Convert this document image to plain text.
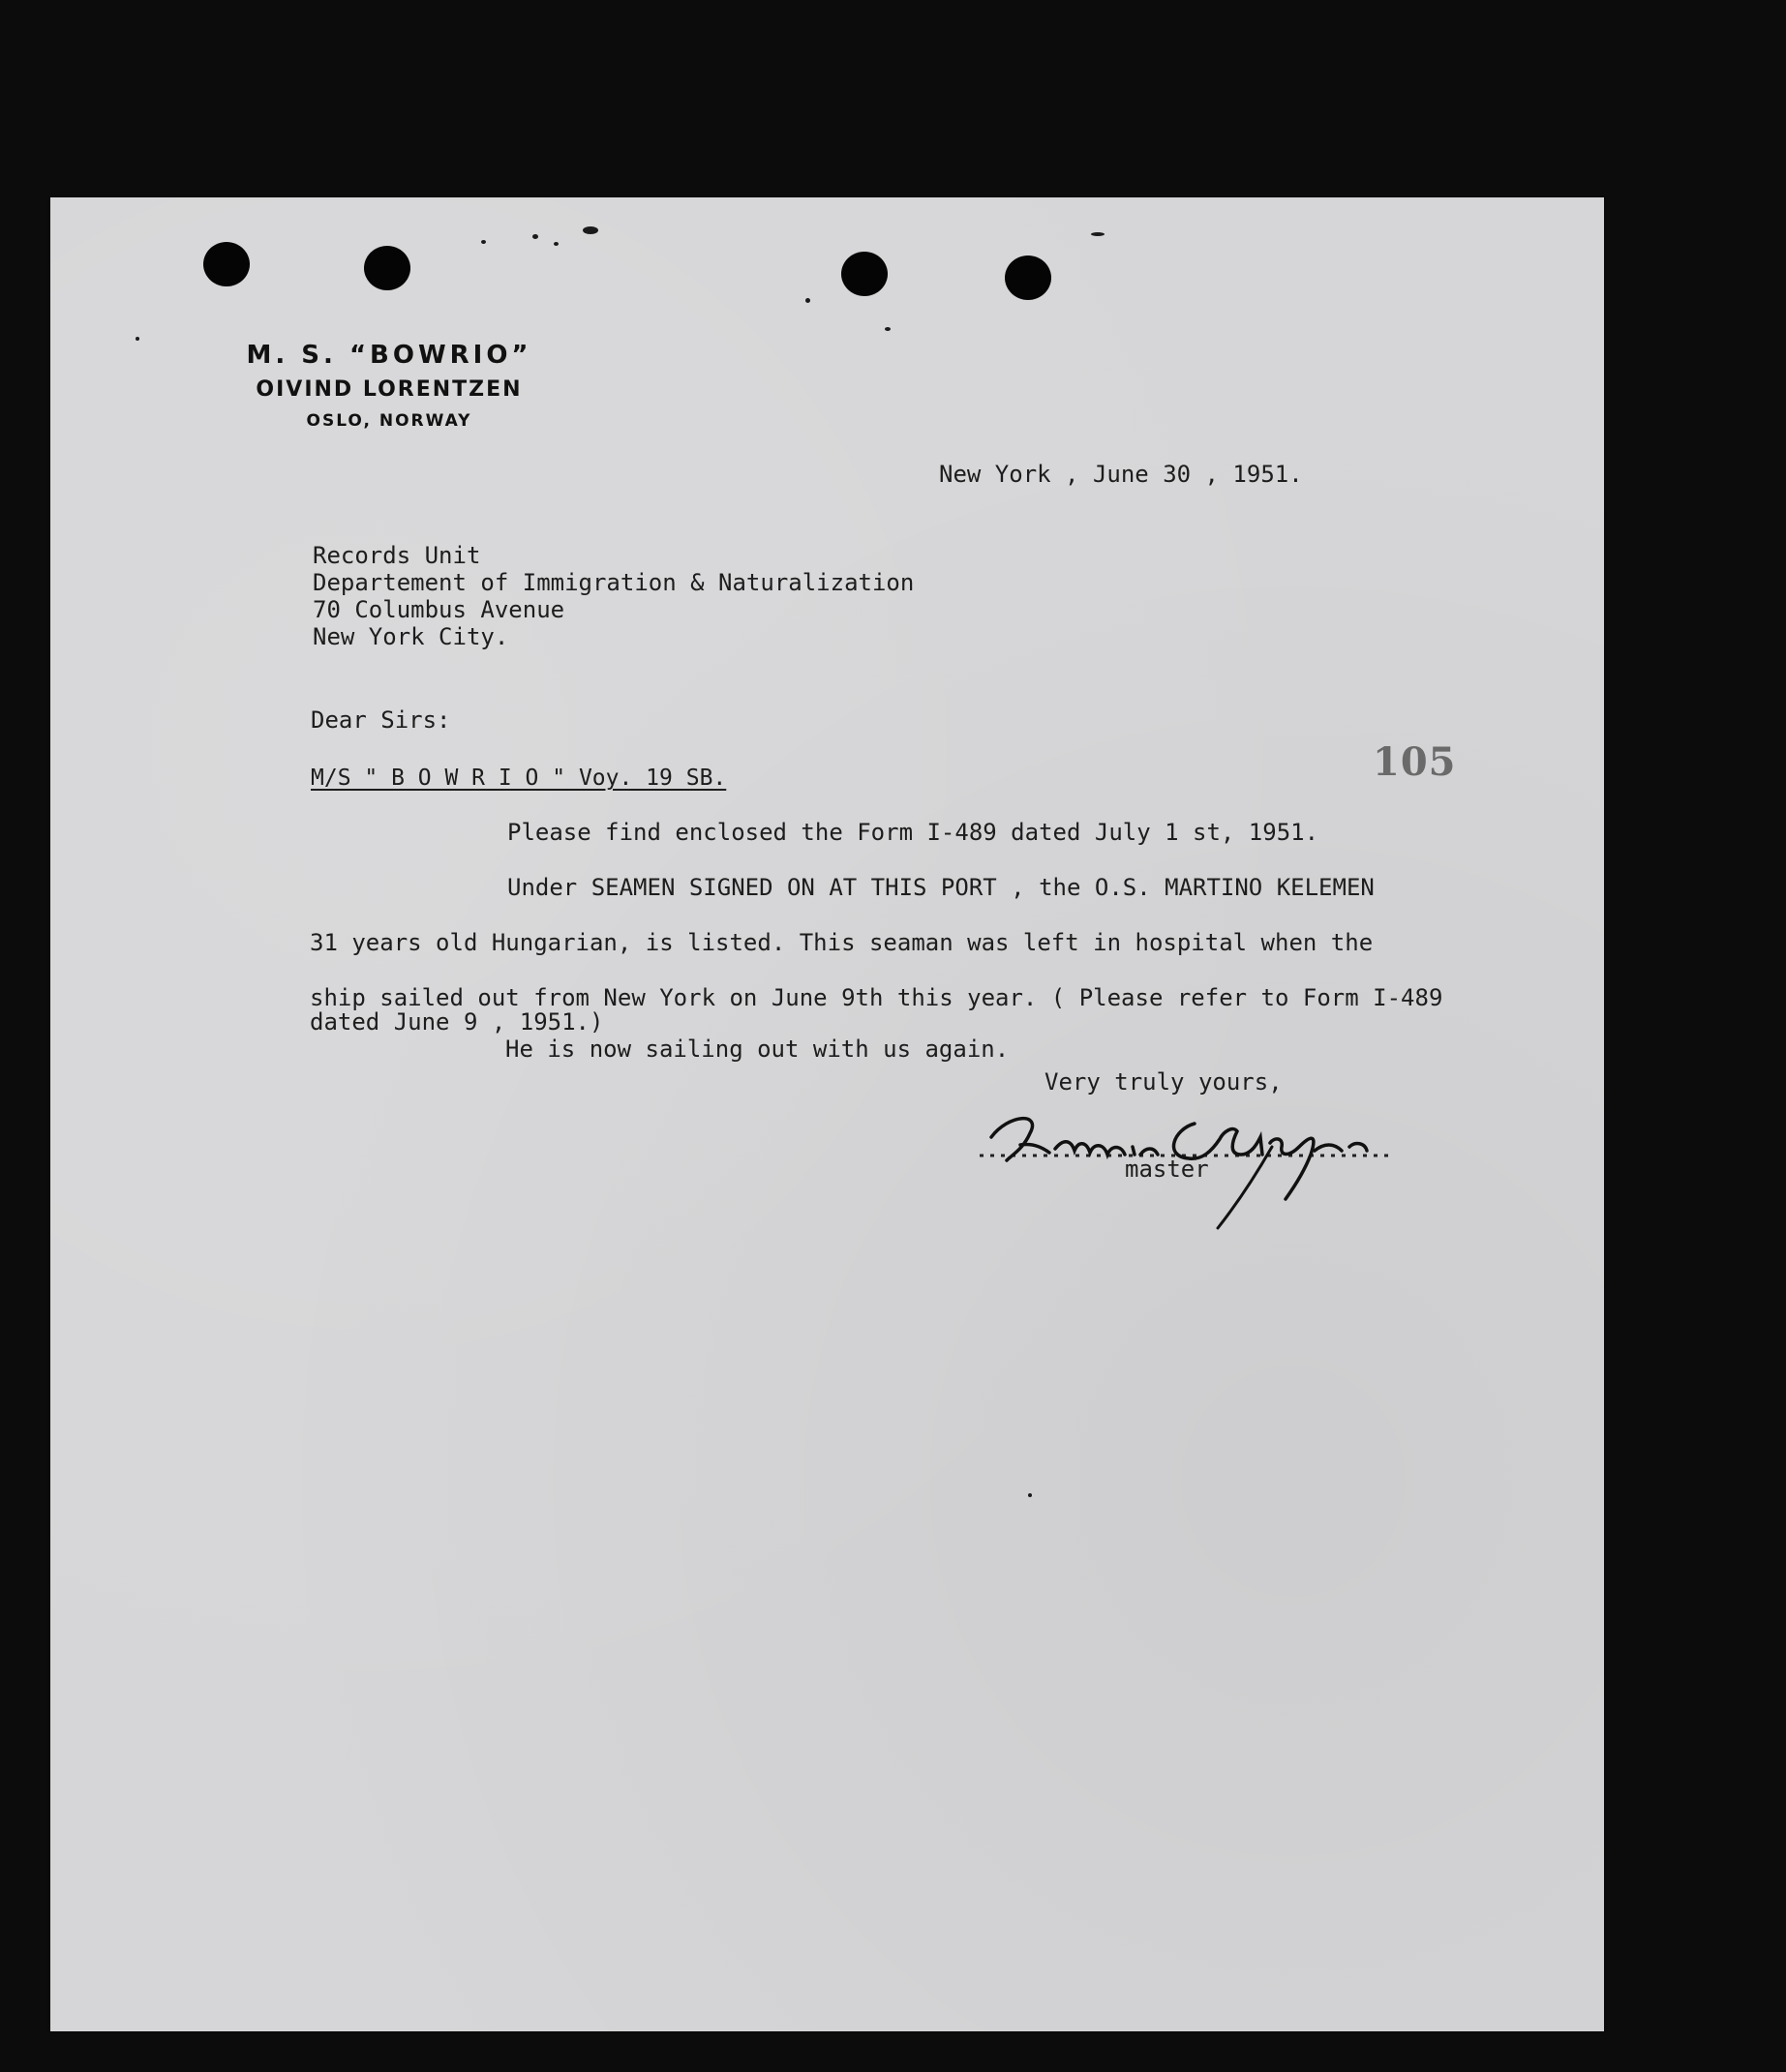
M. S. “BOWRIO”
OIVIND LORENTZEN
OSLO, NORWAY
New York , June 30 , 1951.
Records Unit
Departement of Immigration & Naturalization
70 Columbus Avenue
New York City.
Dear Sirs:
M/S " B O W R I O " Voy. 19 SB.	105
Please find enclosed the Form I-489 dated July 1 st, 1951.
Under SEAMEN SIGNED ON AT THIS PORT , the O.S. MARTINO KELEMEN
31 years old Hungarian, is listed. This seaman was left in hospital when the
ship sailed out from New York on June 9th this year. ( Please refer to Form I-489
dated June 9 , 1951.)
He is now sailing out with us again.
Very truly yours,
master
